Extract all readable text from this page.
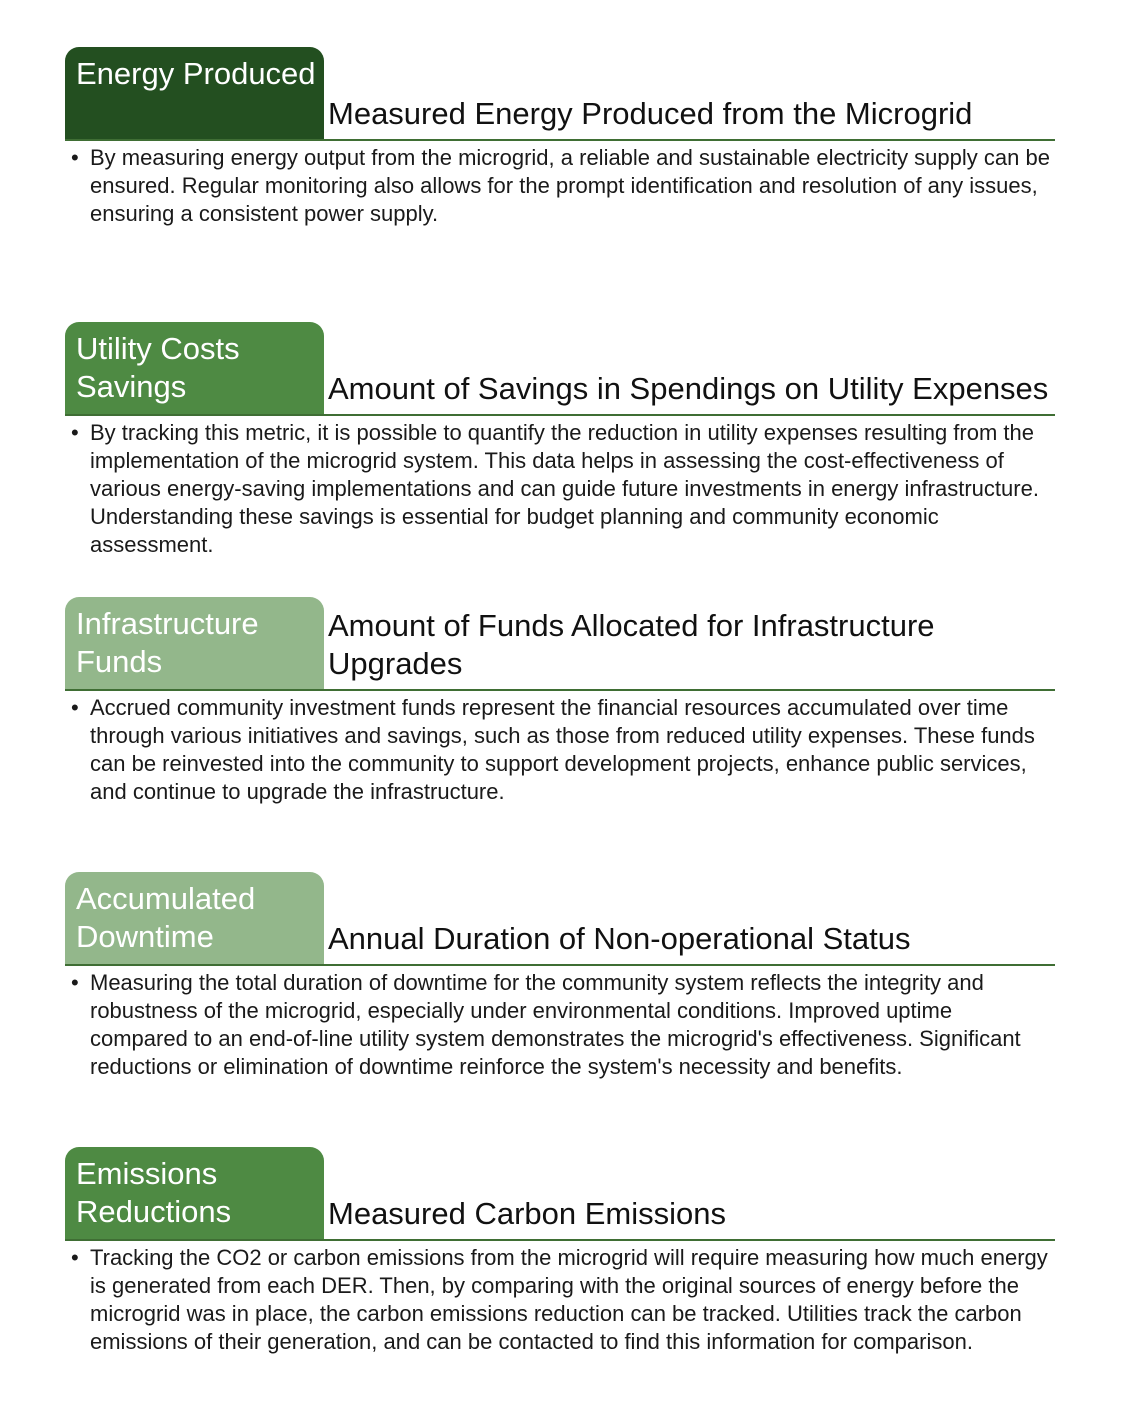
Energy Produced
Measured Energy Produced from the Microgrid
• By measuring energy output from the microgrid, a reliable and sustainable electricity supply can be ensured. Regular monitoring also allows for the prompt identification and resolution of any issues, ensuring a consistent power supply.
Utility Costs Savings	Amount of Savings in Spendings on Utility Expenses
• By tracking this metric, it is possible to quantify the reduction in utility expenses resulting from the implementation of the microgrid system. This data helps in assessing the cost-effectiveness of various energy-saving implementations and can guide future investments in energy infrastructure. Understanding these savings is essential for budget planning and community economic assessment.
Infrastructure Funds
Amount of Funds Allocated for Infrastructure Upgrades
• Accrued community investment funds represent the financial resources accumulated over time through various initiatives and savings, such as those from reduced utility expenses. These funds can be reinvested into the community to support development projects, enhance public services, and continue to upgrade the infrastructure.
Accumulated Downtime	Annual Duration of Non-operational Status
• Measuring the total duration of downtime for the community system reflects the integrity and robustness of the microgrid, especially under environmental conditions. Improved uptime compared to an end-of-line utility system demonstrates the microgrid's effectiveness. Significant reductions or elimination of downtime reinforce the system's necessity and benefits.
Emissions Reductions	Measured Carbon Emissions
• Tracking the CO2 or carbon emissions from the microgrid will require measuring how much energy is generated from each DER. Then, by comparing with the original sources of energy before the microgrid was in place, the carbon emissions reduction can be tracked. Utilities track the carbon emissions of their generation, and can be contacted to find this information for comparison.
